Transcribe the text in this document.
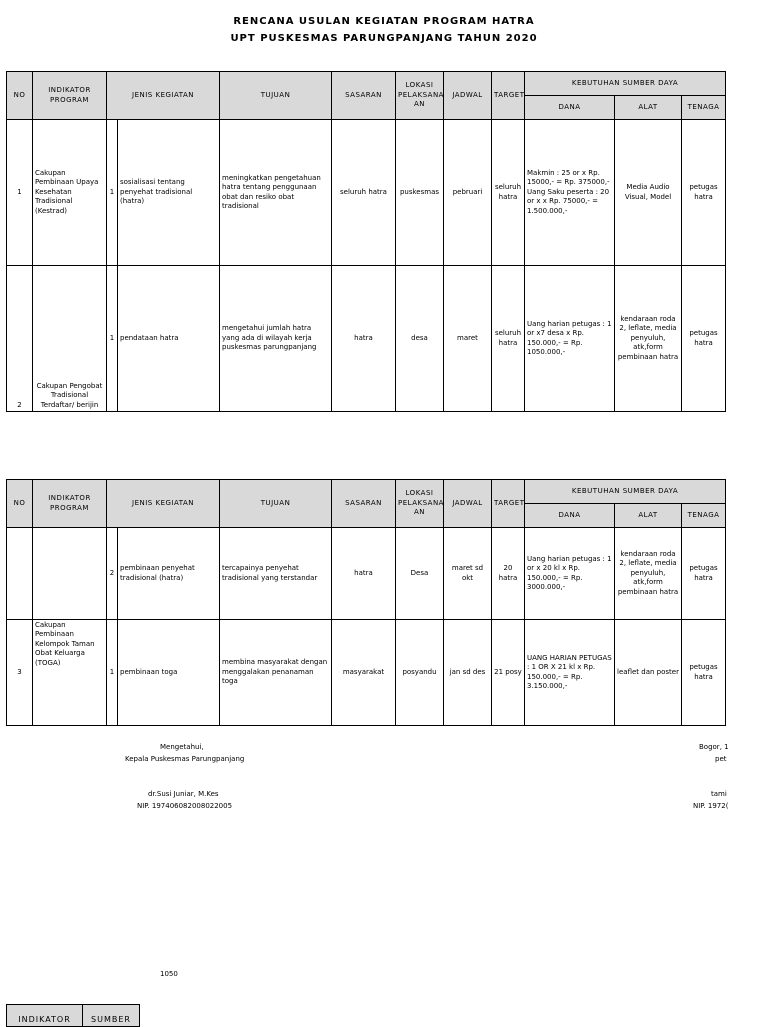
RENCANA USULAN KEGIATAN PROGRAM HATRA
UPT PUSKESMAS PARUNGPANJANG TAHUN 2020
NO	INDIKATOR PROGRAM	JENIS KEGIATAN		TUJUAN	SASARAN	LOKASI PELAKSANA AN	JADWAL	TARGET	KEBUTUHAN SUMBER DAYA		
									DANA	ALAT	TENAGA
1	Cakupan Pembinaan Upaya Kesehatan Tradisional (Kestrad)	1	sosialisasi tentang penyehat tradisional (hatra)	meningkatkan pengetahuan hatra tentang penggunaan obat dan resiko obat tradisional	seluruh hatra	puskesmas	pebruari	seluruh hatra	Makmin : 25 or x Rp. 15000,- = Rp. 375000,- Uang Saku peserta : 20 or x x Rp. 75000,- = 1.500.000,-	Media Audio Visual, Model	petugas hatra
2	Cakupan Pengobat Tradisional Terdaftar/ berijin	1	pendataan hatra	mengetahui jumlah hatra yang ada di wilayah kerja puskesmas parungpanjang	hatra	desa	maret	seluruh hatra	Uang harian petugas : 1 or x7 desa x Rp. 150.000,- = Rp. 1050.000,-	kendaraan roda 2, leflate, media penyuluh, atk,form pembinaan hatra	petugas hatra
NO	INDIKATOR PROGRAM	JENIS KEGIATAN		TUJUAN	SASARAN	LOKASI PELAKSANA AN	JADWAL	TARGET	KEBUTUHAN SUMBER DAYA		
									DANA	ALAT	TENAGA
		2	pembinaan penyehat tradisional (hatra)	tercapainya penyehat tradisional yang terstandar	hatra	Desa	maret sd okt	20 hatra	Uang harian petugas : 1 or x 20 kl x Rp. 150.000,- = Rp. 3000.000,-	kendaraan roda 2, leflate, media penyuluh, atk,form pembinaan hatra	petugas hatra
3	Cakupan Pembinaan Kelompok Taman Obat Keluarga (TOGA)	1	pembinaan toga	membina masyarakat dengan menggalakan penanaman toga	masyarakat	posyandu	jan sd des	21 posy	UANG HARIAN PETUGAS : 1 OR X 21 kl x Rp. 150.000,- = Rp. 3.150.000,-	leaflet dan poster	petugas hatra
Mengetahui,
Kepala Puskesmas Parungpanjang
dr.Susi Juniar, M.Kes
NIP. 197406082008022005
Bogor, 1
pet
tami
NIP. 1972(
1050
INDIKATOR	SUMBER
